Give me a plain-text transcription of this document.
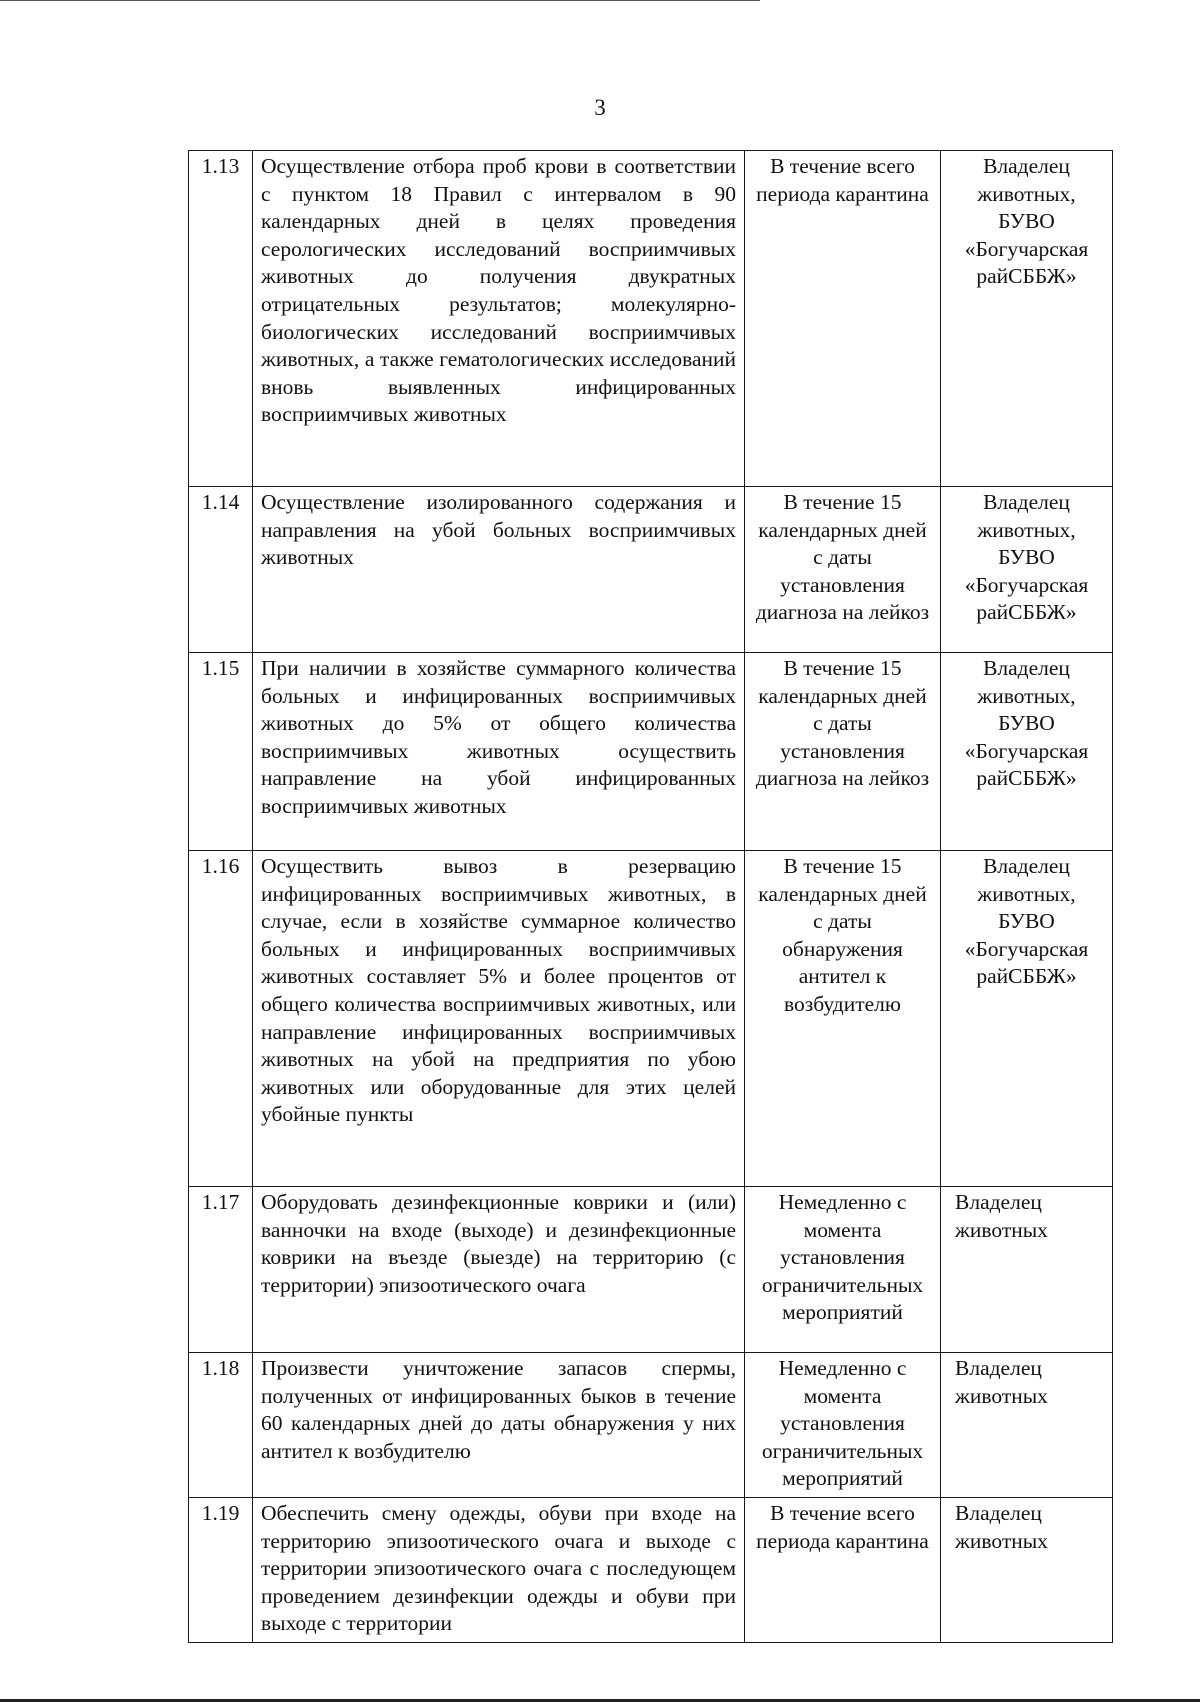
3
1.13	Осуществление отбора проб крови в соответствии с пунктом 18 Правил с интервалом в 90 календарных дней в целях проведения серологических исследований восприимчивых животных до получения двукратных отрицательных результатов; молекулярно-биологических исследований восприимчивых животных, а также гематологических исследований вновь выявленных инфицированных восприимчивых животных	В течение всего периода карантина	Владелец животных, БУВО «Богучарская райСББЖ»
1.14	Осуществление изолированного содержания и направления на убой больных восприимчивых животных	В течение 15 календарных дней с даты установления диагноза на лейкоз	Владелец животных, БУВО «Богучарская райСББЖ»
1.15	При наличии в хозяйстве суммарного количества больных и инфицированных восприимчивых животных до 5% от общего количества восприимчивых животных осуществить направление на убой инфицированных восприимчивых животных	В течение 15 календарных дней с даты установления диагноза на лейкоз	Владелец животных, БУВО «Богучарская райСББЖ»
1.16	Осуществить вывоз в резервацию инфицированных восприимчивых животных, в случае, если в хозяйстве суммарное количество больных и инфицированных восприимчивых животных составляет 5% и более процентов от общего количества восприимчивых животных, или направление инфицированных восприимчивых животных на убой на предприятия по убою животных или оборудованные для этих целей убойные пункты	В течение 15 календарных дней с даты обнаружения антител к возбудителю	Владелец животных, БУВО «Богучарская райСББЖ»
1.17	Оборудовать дезинфекционные коврики и (или) ванночки на входе (выходе) и дезинфекционные коврики на въезде (выезде) на территорию (с территории) эпизоотического очага	Немедленно с момента установления ограничительных мероприятий	Владелец животных
1.18	Произвести уничтожение запасов спермы, полученных от инфицированных быков в течение 60 календарных дней до даты обнаружения у них антител к возбудителю	Немедленно с момента установления ограничительных мероприятий	Владелец животных
1.19	Обеспечить смену одежды, обуви при входе на территорию эпизоотического очага и выходе с территории эпизоотического очага с последующем проведением дезинфекции одежды и обуви при выходе с территории	В течение всего периода карантина	Владелец животных
